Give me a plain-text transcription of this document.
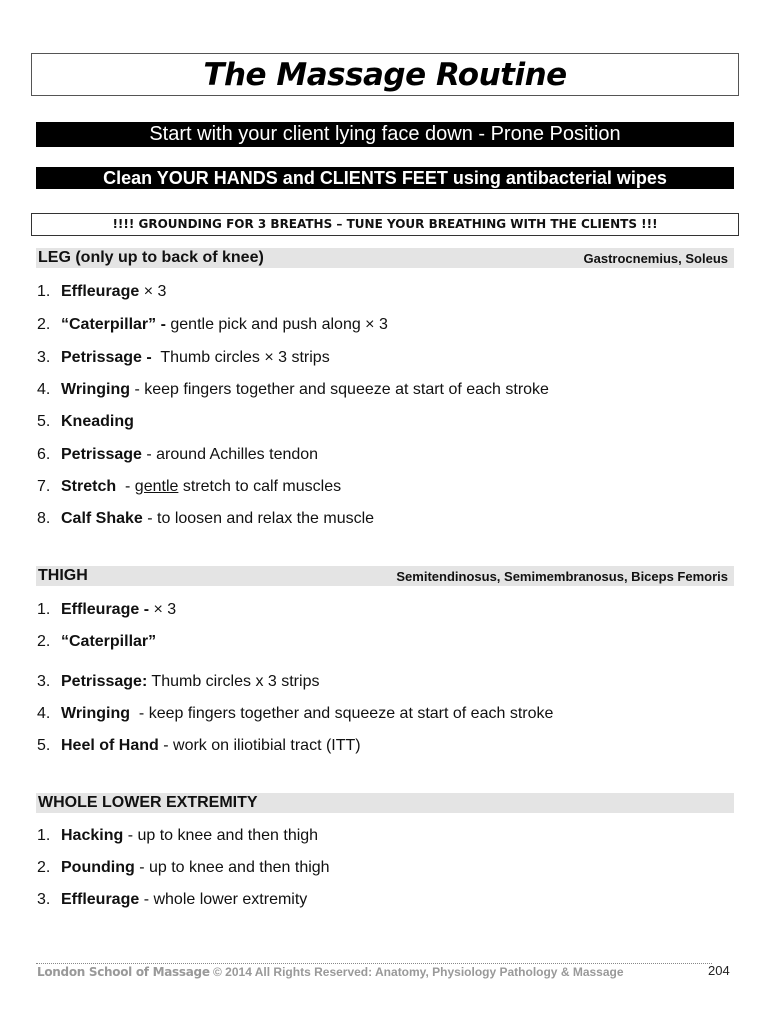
The Massage Routine
Start with your client lying face down - Prone Position
Clean YOUR HANDS and CLIENTS FEET using antibacterial wipes
!!!! GROUNDING FOR 3 BREATHS – TUNE YOUR BREATHING WITH THE CLIENTS !!!
LEG (only up to back of knee)	Gastrocnemius, Soleus
1. Effleurage × 3
2. “Caterpillar” - gentle pick and push along × 3
3. Petrissage -  Thumb circles × 3 strips
4. Wringing - keep fingers together and squeeze at start of each stroke
5. Kneading
6. Petrissage - around Achilles tendon
7. Stretch  - gentle stretch to calf muscles
8. Calf Shake - to loosen and relax the muscle
THIGH	Semitendinosus, Semimembranosus, Biceps Femoris
1. Effleurage - × 3
2. “Caterpillar”
3. Petrissage: Thumb circles x 3 strips
4. Wringing  - keep fingers together and squeeze at start of each stroke
5. Heel of Hand - work on iliotibial tract (ITT)
WHOLE LOWER EXTREMITY
1. Hacking - up to knee and then thigh
2. Pounding - up to knee and then thigh
3. Effleurage - whole lower extremity
London School of Massage © 2014 All Rights Reserved: Anatomy, Physiology Pathology & Massage	204
